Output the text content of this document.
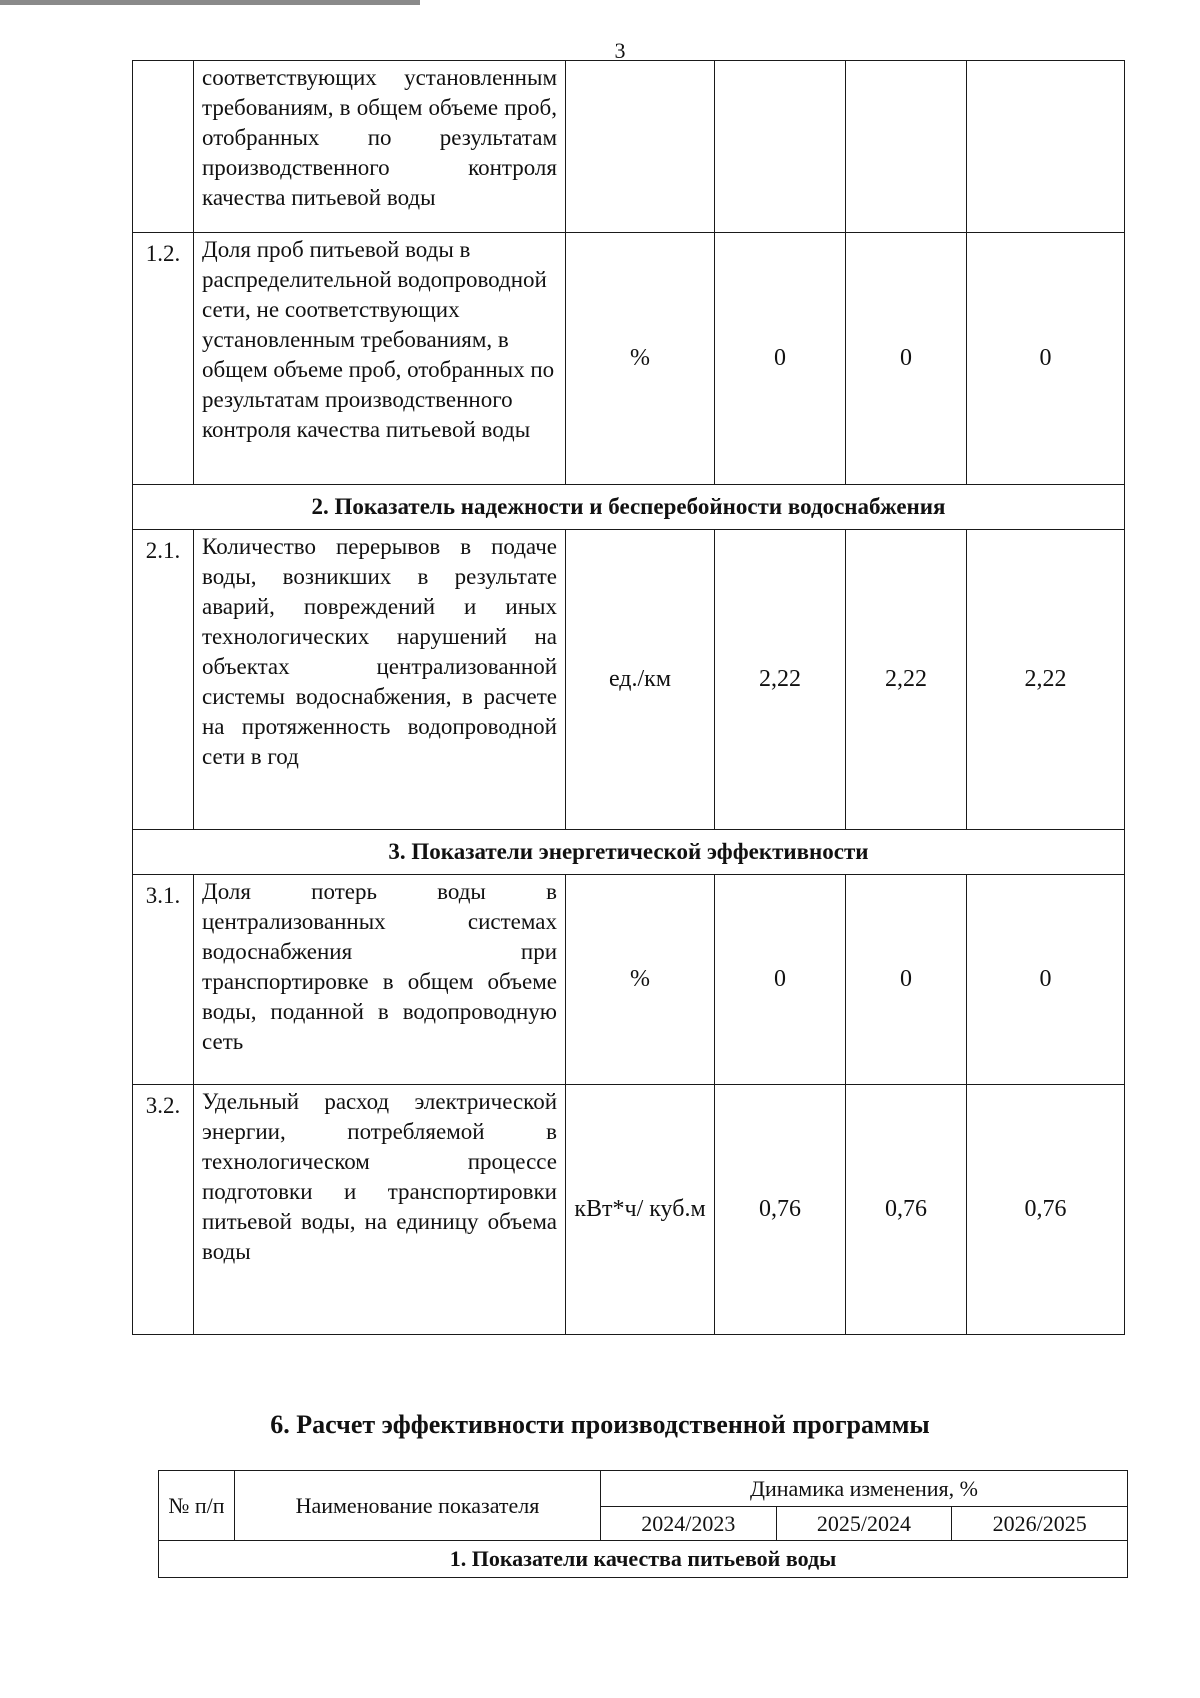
3
	соответствующих установленным требованиям, в общем объеме проб, отобранных по результатам производственного контроля качества питьевой воды				
1.2.	Доля проб питьевой воды в распределительной водопроводной сети, не соответствующих установленным требованиям, в общем объеме проб, отобранных по результатам производственного контроля качества питьевой воды	%	0	0	0
2. Показатель надежности и бесперебойности водоснабжения					
2.1.	Количество перерывов в подаче воды, возникших в результате аварий, повреждений и иных технологических нарушений на объектах централизованной системы водоснабжения, в расчете на протяженность водопроводной сети в год	ед./км	2,22	2,22	2,22
3. Показатели энергетической эффективности					
3.1.	Доля потерь воды в централизованных системах водоснабжения при транспортировке в общем объеме воды, поданной в водопроводную сеть	%	0	0	0
3.2.	Удельный расход электрической энергии, потребляемой в технологическом процессе подготовки и транспортировки питьевой воды, на единицу объема воды	кВт*ч/ куб.м	0,76	0,76	0,76
6. Расчет эффективности производственной программы
№ п/п	Наименование показателя	Динамика изменения, %		
		2024/2023	2025/2024	2026/2025
1. Показатели качества питьевой воды				
